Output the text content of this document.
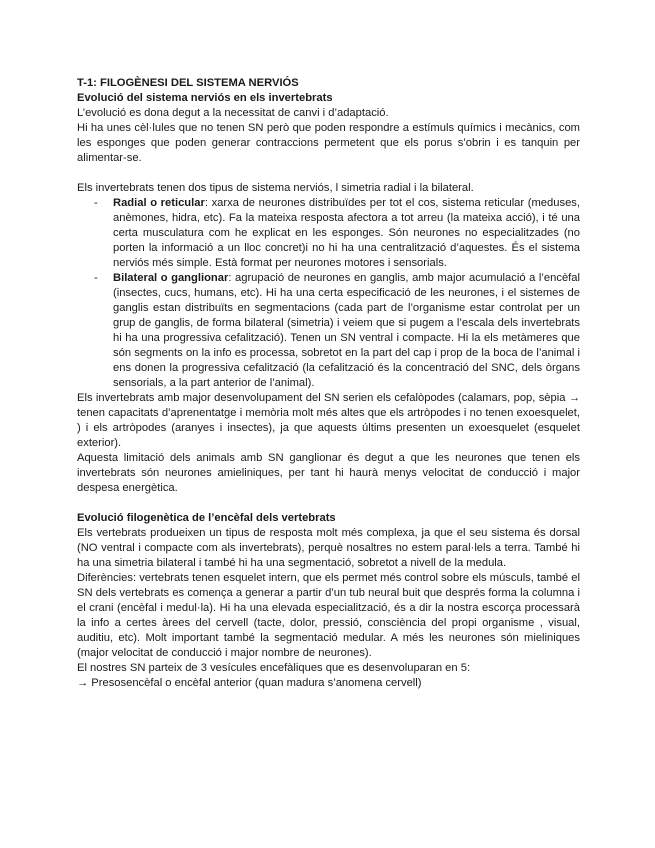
T-1: FILOGÈNESI DEL SISTEMA NERVIÓS

Evolució del sistema nerviós en els invertebrats

L’evolució es dona degut a la necessitat de canvi i d’adaptació.

Hi ha unes cèl·lules que no tenen SN però que poden respondre a estímuls químics i mecànics, com les esponges que poden generar contraccions permetent que els porus s’obrin i es tanquin per alimentar-se.

Els invertebrats tenen dos tipus de sistema nerviós, l simetria radial i la bilateral.

- Radial o reticular: xarxa de neurones distribuïdes per tot el cos, sistema reticular (meduses, anèmones, hidra, etc). Fa la mateixa resposta afectora a tot arreu (la mateixa acció), i té una certa musculatura com he explicat en les esponges. Són neurones no especialitzades (no porten la informació a un lloc concret)i no hi ha una centralització d’aquestes. És el sistema nerviós més simple. Està format per neurones motores i sensorials.
- Bilateral o ganglionar: agrupació de neurones en ganglis, amb major acumulació a l’encèfal (insectes, cucs, humans, etc). Hi ha una certa especificació de les neurones, i el sistemes de ganglis estan distribuïts en segmentacions (cada part de l’organisme estar controlat per un grup de ganglis, de forma bilateral (simetria) i veiem que si pugem a l’escala dels invertebrats hi ha una progressiva cefalització). Tenen un SN ventral i compacte. Hi la els metàmeres que són segments on la info es processa, sobretot en la part del cap i prop de la boca de l’animal i ens donen la progressiva cefalització (la cefalització és la concentració del SNC, dels òrgans sensorials, a la part anterior de l’animal).

Els invertebrats amb major desenvolupament del SN serien els cefalòpodes (calamars, pop, sèpia → tenen capacitats d’aprenentatge i memòria molt més altes que els artròpodes i no tenen exoesquelet, ) i els artròpodes (aranyes i insectes), ja que aquests últims presenten un exoesquelet (esquelet exterior).

Aquesta limitació dels animals amb SN ganglionar és degut a que les neurones que tenen els invertebrats són neurones amieliniques, per tant hi haurà menys velocitat de conducció i major despesa energètica.

Evolució filogenètica de l’encèfal dels vertebrats

Els vertebrats produeixen un tipus de resposta molt més complexa, ja que el seu sistema és dorsal (NO ventral i compacte com als invertebrats), perquè nosaltres no estem paral·lels a terra. També hi ha una simetria bilateral i també hi ha una segmentació, sobretot a nivell de la medula.

Diferències: vertebrats tenen esquelet intern, que els permet més control sobre els músculs, també el SN dels vertebrats es comença a generar a partir d’un tub neural buit que després forma la columna i el crani (encèfal i medul·la). Hi ha una elevada especialització, és a dir la nostra escorça processarà la info a certes àrees del cervell (tacte, dolor, pressió, consciència del propi organisme , visual, auditiu, etc). Molt important també la segmentació medular. A més les neurones són mieliniques (major velocitat de conducció i major nombre de neurones).

El nostres SN parteix de 3 vesícules encefàliques que es desenvoluparan en 5:

→ Presosencèfal o encèfal anterior (quan madura s’anomena cervell)
